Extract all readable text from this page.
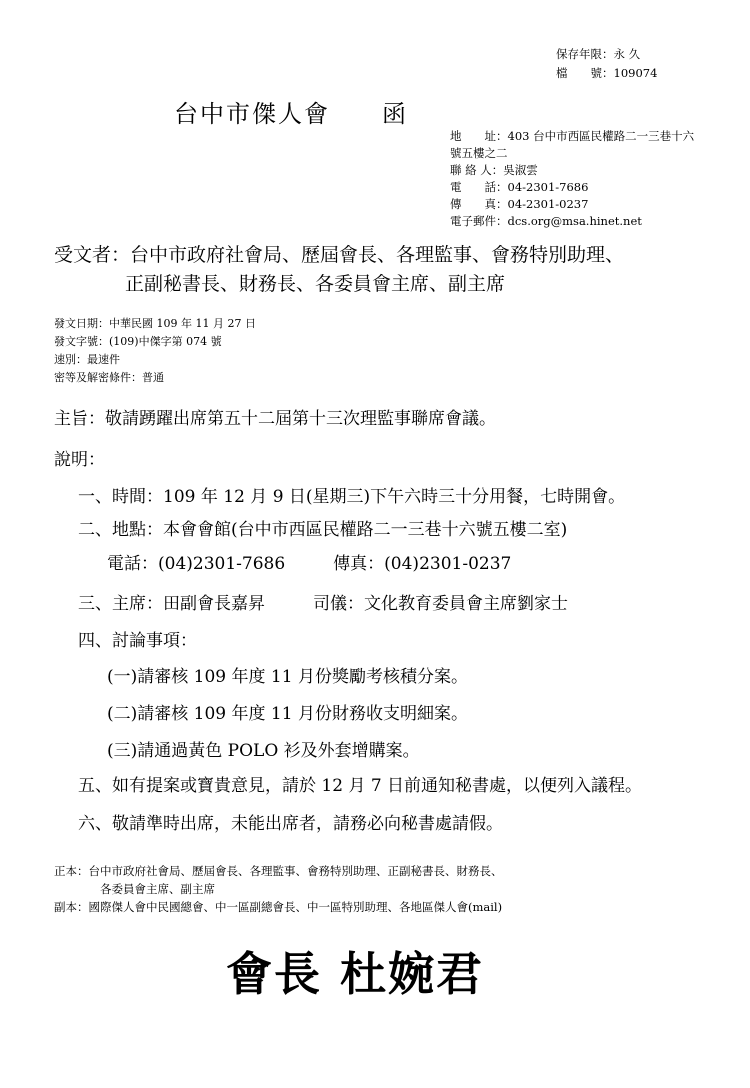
保存年限：永 久
檔　　號：109074
台中市傑人會　　函
地　　址：403 台中市西區民權路二一三巷十六
號五樓之二
聯 絡 人：吳淑雲
電　　話：04-2301-7686
傳　　真：04-2301-0237
電子郵件：dcs.org@msa.hinet.net
受文者：台中市政府社會局、歷屆會長、各理監事、會務特別助理、
正副秘書長、財務長、各委員會主席、副主席
發文日期：中華民國 109 年 11 月 27 日
發文字號：(109)中傑字第 074 號
速別：最速件
密等及解密條件：普通
主旨：敬請踴躍出席第五十二屆第十三次理監事聯席會議。
說明：
一、時間：109 年 12 月 9 日(星期三)下午六時三十分用餐，七時開會。
二、地點：本會會館(台中市西區民權路二一三巷十六號五樓二室)
電話：(04)2301-7686	傳真：(04)2301-0237
三、主席：田副會長嘉昇	司儀：文化教育委員會主席劉家士
四、討論事項：
(一)請審核 109 年度 11 月份獎勵考核積分案。
(二)請審核 109 年度 11 月份財務收支明細案。
(三)請通過黃色 POLO 衫及外套增購案。
五、如有提案或寶貴意見，請於 12 月 7 日前通知秘書處，以便列入議程。
六、敬請準時出席，未能出席者，請務必向秘書處請假。
正本：台中市政府社會局、歷屆會長、各理監事、會務特別助理、正副秘書長、財務長、
各委員會主席、副主席
副本：國際傑人會中民國總會、中一區副總會長、中一區特別助理、各地區傑人會(mail)
會長 杜婉君
